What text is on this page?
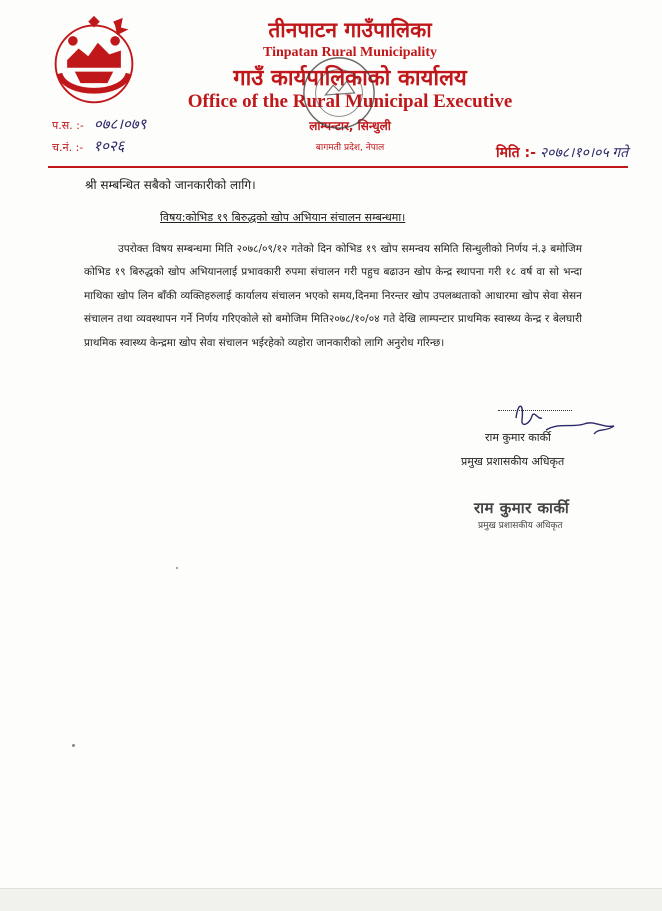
तीनपाटन गाउँपालिका
Tinpatan Rural Municipality
गाउँ कार्यपालिकाको कार्यालय
Office of the Rural Municipal Executive
लाम्पन्टार, सिन्धुली
बागमती प्रदेश, नेपाल
प.स. :- ०७८।०७९
च.नं. :- १०२६	मिति :- २०७८।१०।०५ गते
श्री सम्बन्धित सबैको जानकारीको लागि।
विषय:कोभिड १९ बिरुद्धको खोप अभियान संचालन सम्बन्धमा।
उपरोक्त विषय सम्बन्धमा मिति २०७८/०९/१२ गतेको दिन कोभिड १९ खोप समन्वय समिति सिन्धुलीको निर्णय नं.३ बमोजिम कोभिड १९ बिरुद्धको खोप अभियानलाई प्रभावकारी रुपमा संचालन गरी पहुच बढाउन खोप केन्द्र स्थापना गरी १८ वर्ष वा सो भन्दा माथिका खोप लिन बाँकी व्यक्तिहरुलाई कार्यालय संचालन भएको समय,दिनमा निरन्तर खोप उपलब्धताको आधारमा खोप सेवा सेसन संचालन तथा व्यवस्थापन गर्ने निर्णय गरिएकोले सो बमोजिम मिति२०७८/१०/०४ गते देखि लाम्पन्टार प्राथमिक स्वास्थ्य केन्द्र र बेलघारी प्राथमिक स्वास्थ्य केन्द्रमा खोप सेवा संचालन भईरहेको व्यहोरा जानकारीको लागि अनुरोध गरिन्छ।
राम कुमार कार्की
प्रमुख प्रशासकीय अधिकृत
राम कुमार कार्की
प्रमुख प्रशासकीय अधिकृत
